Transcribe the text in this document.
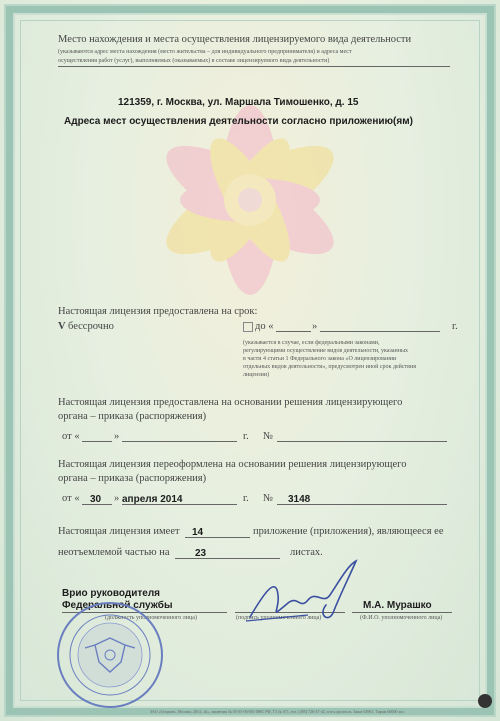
Место нахождения и места осуществления лицензируемого вида деятельности
(указываются адрес места нахождения (место жительства – для индивидуального предпринимателя) и адреса мест
осуществления работ (услуг), выполняемых (оказываемых) в составе лицензируемого вида деятельности)
121359, г. Москва, ул. Маршала Тимошенко, д. 15
Адреса мест осуществления деятельности согласно приложению(ям)
Настоящая лицензия предоставлена на срок:
V бессрочно	до «	»	г.
(указывается в случае, если федеральными законами,
регулирующими осуществление видов деятельности, указанных
в части 4 статьи 1 Федерального закона «О лицензировании
отдельных видов деятельности», предусмотрен иной срок действия
лицензии)
Настоящая лицензия предоставлена на основании решения лицензирующего
органа – приказа (распоряжения)
от «	»	г. №
Настоящая лицензия переоформлена на основании решения лицензирующего
органа – приказа (распоряжения)
от « 30 » апреля 2014	г. № 3148
Настоящая лицензия имеет 14	приложение (приложения), являющееся ее
неотъемлемой частью на	23	листах.
Врио руководителя
Федеральной службы
(должность уполномоченного лица)	(подпись уполномоченного лица)
М.А. Мурашко
(Ф.И.О. уполномоченного лица)
ЗАО «Опцион», Москва, 2014, «Б», лицензия № 05-05-09/003 ФНС РФ, ТЗ № 071, тел. (495) 726-47-42, www.opcion.ru. Заказ 63961. Тираж 60000 экз.
